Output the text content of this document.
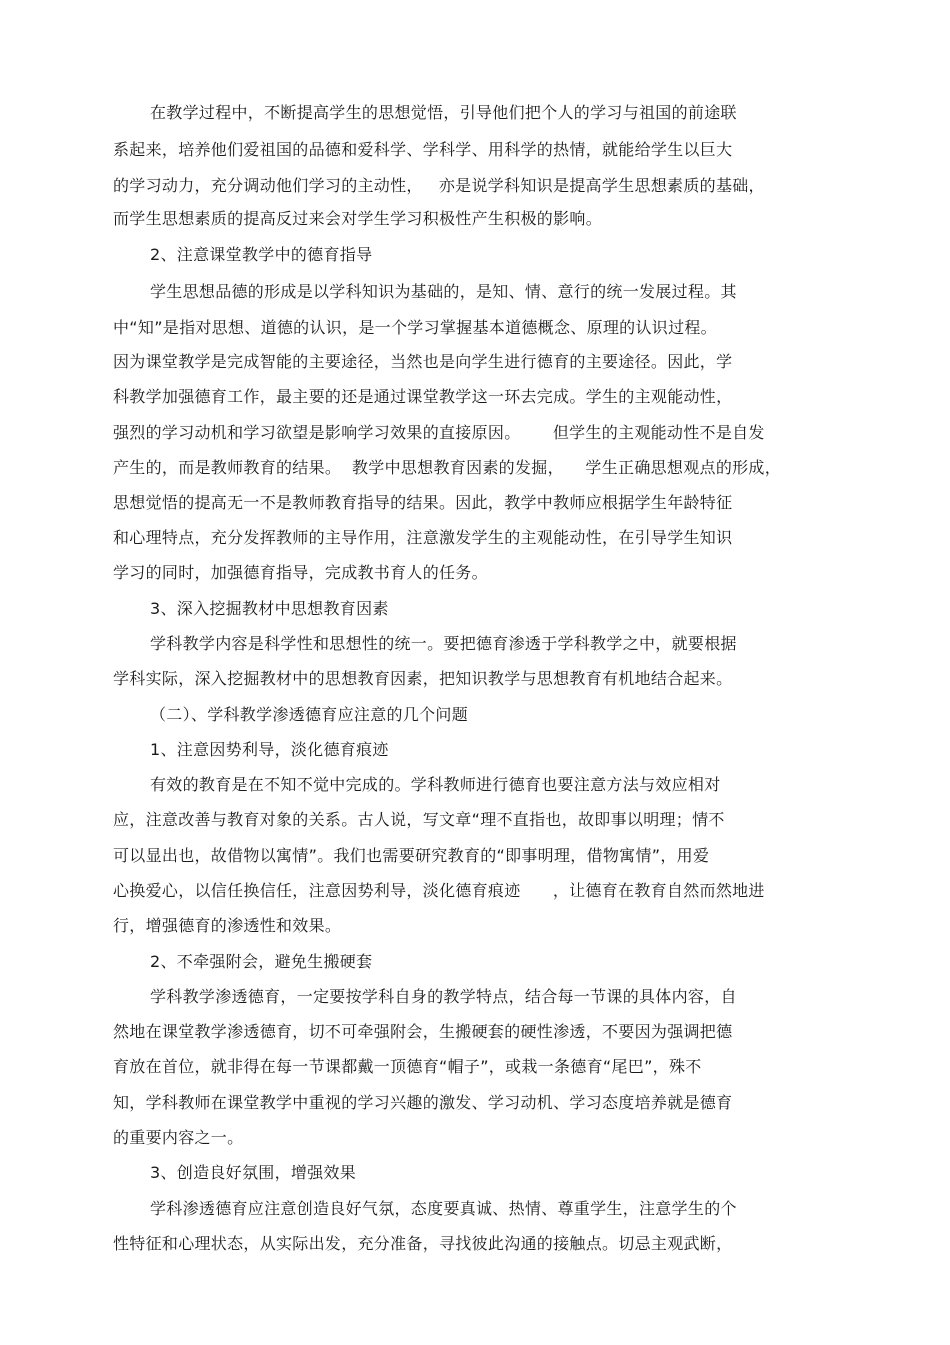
在教学过程中，不断提高学生的思想觉悟，引导他们把个人的学习与祖国的前途联
系起来，培养他们爱祖国的品德和爱科学、学科学、用科学的热情，就能给学生以巨大
的学习动力，充分调动他们学习的主动性，   亦是说学科知识是提高学生思想素质的基础，
而学生思想素质的提高反过来会对学生学习积极性产生积极的影响。
2、注意课堂教学中的德育指导
学生思想品德的形成是以学科知识为基础的，是知、情、意行的统一发展过程。其
中“知”是指对思想、道德的认识，是一个学习掌握基本道德概念、原理的认识过程。
因为课堂教学是完成智能的主要途径，当然也是向学生进行德育的主要途径。因此，学
科教学加强德育工作，最主要的还是通过课堂教学这一环去完成。学生的主观能动性，
强烈的学习动机和学习欲望是影响学习效果的直接原因。      但学生的主观能动性不是自发
产生的，而是教师教育的结果。  教学中思想教育因素的发掘，    学生正确思想观点的形成，
思想觉悟的提高无一不是教师教育指导的结果。因此，教学中教师应根据学生年龄特征
和心理特点，充分发挥教师的主导作用，注意激发学生的主观能动性，在引导学生知识
学习的同时，加强德育指导，完成教书育人的任务。
3、深入挖掘教材中思想教育因素
学科教学内容是科学性和思想性的统一。要把德育渗透于学科教学之中，就要根据
学科实际，深入挖掘教材中的思想教育因素，把知识教学与思想教育有机地结合起来。
（二）、学科教学渗透德育应注意的几个问题
1、注意因势利导，淡化德育痕迹
有效的教育是在不知不觉中完成的。学科教师进行德育也要注意方法与效应相对
应，注意改善与教育对象的关系。古人说，写文章“理不直指也，故即事以明理；情不
可以显出也，故借物以寓情”。我们也需要研究教育的“即事明理，借物寓情”，用爱
心换爱心，以信任换信任，注意因势利导，淡化德育痕迹      ，让德育在教育自然而然地进
行，增强德育的渗透性和效果。
2、不牵强附会，避免生搬硬套
学科教学渗透德育，一定要按学科自身的教学特点，结合每一节课的具体内容，自
然地在课堂教学渗透德育，切不可牵强附会，生搬硬套的硬性渗透，不要因为强调把德
育放在首位，就非得在每一节课都戴一顶德育“帽子”，或栽一条德育“尾巴”，殊不
知，学科教师在课堂教学中重视的学习兴趣的激发、学习动机、学习态度培养就是德育
的重要内容之一。
3、创造良好氛围，增强效果
学科渗透德育应注意创造良好气氛，态度要真诚、热情、尊重学生，注意学生的个
性特征和心理状态，从实际出发，充分准备，寻找彼此沟通的接触点。切忌主观武断，
